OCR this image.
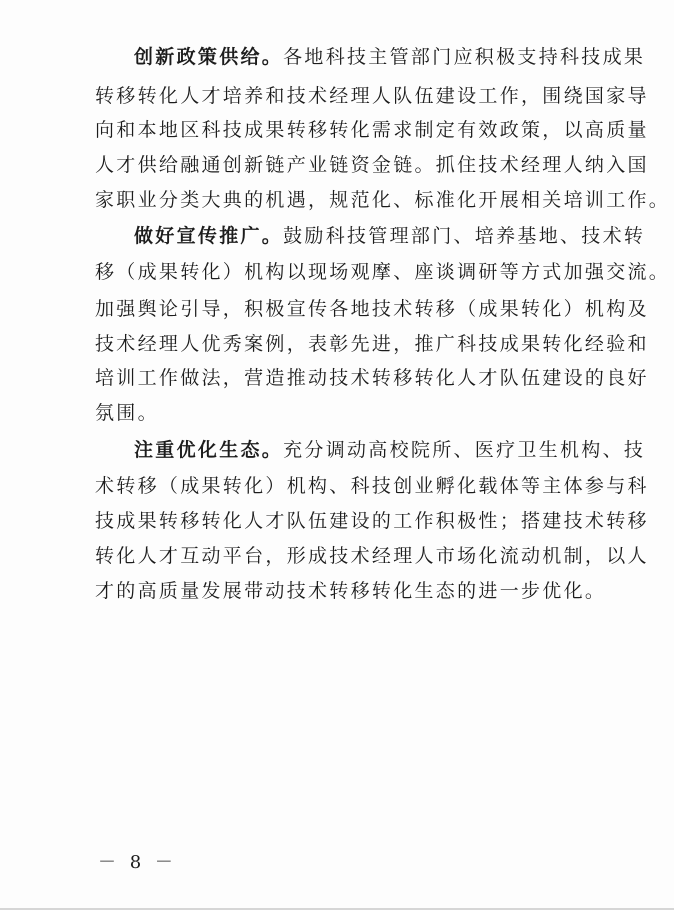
创新政策供给。各地科技主管部门应积极支持科技成果
转移转化人才培养和技术经理人队伍建设工作，围绕国家导
向和本地区科技成果转移转化需求制定有效政策，以高质量
人才供给融通创新链产业链资金链。抓住技术经理人纳入国
家职业分类大典的机遇，规范化、标准化开展相关培训工作。
做好宣传推广。鼓励科技管理部门、培养基地、技术转
移（成果转化）机构以现场观摩、座谈调研等方式加强交流。
加强舆论引导，积极宣传各地技术转移（成果转化）机构及
技术经理人优秀案例，表彰先进，推广科技成果转化经验和
培训工作做法，营造推动技术转移转化人才队伍建设的良好
氛围。
注重优化生态。充分调动高校院所、医疗卫生机构、技
术转移（成果转化）机构、科技创业孵化载体等主体参与科
技成果转移转化人才队伍建设的工作积极性；搭建技术转移
转化人才互动平台，形成技术经理人市场化流动机制，以人
才的高质量发展带动技术转移转化生态的进一步优化。
－ 8 －
